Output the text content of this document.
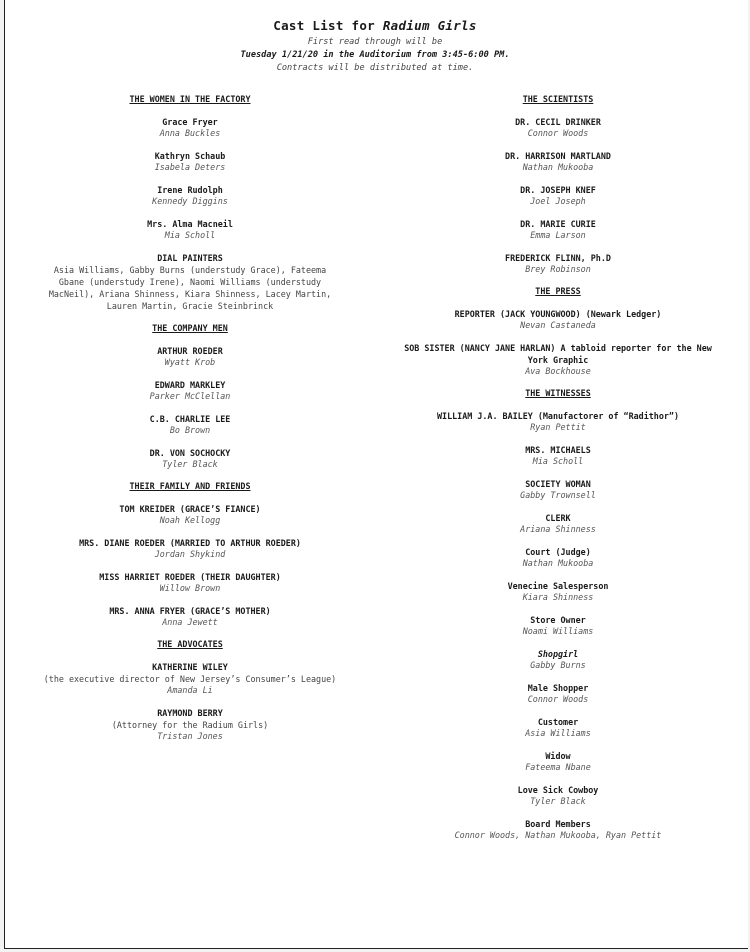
Cast List for Radium Girls
First read through will be
Tuesday 1/21/20 in the Auditorium from 3:45-6:00 PM.
Contracts will be distributed at time.
THE WOMEN IN THE FACTORY
Grace Fryer
Anna Buckles
Kathryn Schaub
Isabela Deters
Irene Rudolph
Kennedy Diggins
Mrs. Alma Macneil
Mia Scholl
DIAL PAINTERS
Asia Williams, Gabby Burns (understudy Grace), Fateema Gbane (understudy Irene), Naomi Williams (understudy MacNeil), Ariana Shinness, Kiara Shinness, Lacey Martin, Lauren Martin, Gracie Steinbrinck
THE COMPANY MEN
ARTHUR ROEDER
Wyatt Krob
EDWARD MARKLEY
Parker McClellan
C.B. CHARLIE LEE
Bo Brown
DR. VON SOCHOCKY
Tyler Black
THEIR FAMILY AND FRIENDS
TOM KREIDER (GRACE’S FIANCE)
Noah Kellogg
MRS. DIANE ROEDER (MARRIED TO ARTHUR ROEDER)
Jordan Shykind
MISS HARRIET ROEDER (THEIR DAUGHTER)
Willow Brown
MRS. ANNA FRYER (GRACE’S MOTHER)
Anna Jewett
THE ADVOCATES
KATHERINE WILEY
(the executive director of New Jersey’s Consumer’s League)
Amanda Li
RAYMOND BERRY
(Attorney for the Radium Girls)
Tristan Jones
THE SCIENTISTS
DR. CECIL DRINKER
Connor Woods
DR. HARRISON MARTLAND
Nathan Mukooba
DR. JOSEPH KNEF
Joel Joseph
DR. MARIE CURIE
Emma Larson
FREDERICK FLINN, Ph.D
Brey Robinson
THE PRESS
REPORTER (JACK YOUNGWOOD) (Newark Ledger)
Nevan Castaneda
SOB SISTER (NANCY JANE HARLAN) A tabloid reporter for the New York Graphic
Ava Bockhouse
THE WITNESSES
WILLIAM J.A. BAILEY (Manufactorer of “Radithor”)
Ryan Pettit
MRS. MICHAELS
Mia Scholl
SOCIETY WOMAN
Gabby Trownsell
CLERK
Ariana Shinness
Court (Judge)
Nathan Mukooba
Venecine Salesperson
Kiara Shinness
Store Owner
Noami Williams
Shopgirl
Gabby Burns
Male Shopper
Connor Woods
Customer
Asia Williams
Widow
Fateema Nbane
Love Sick Cowboy
Tyler Black
Board Members
Connor Woods, Nathan Mukooba, Ryan Pettit
